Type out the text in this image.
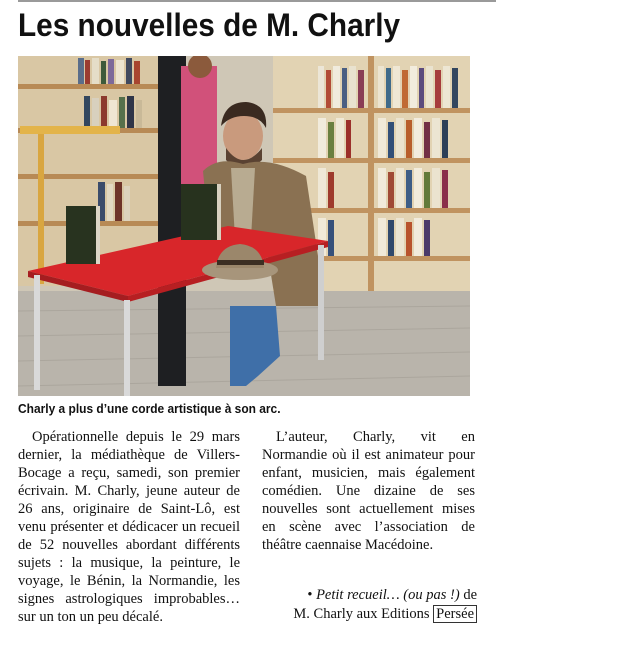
Les nouvelles de M. Charly
Charly a plus d’une corde artistique à son arc.

Opérationnelle depuis le 29 mars dernier, la médiathèque de Villers-Bocage a reçu, samedi, son premier écrivain. M. Charly, jeune auteur de 26 ans, originaire de Saint-Lô, est venu présenter et dédicacer un recueil de 52 nouvelles abordant différents sujets : la musique, la peinture, le voyage, le Bénin, la Normandie, les signes astrologiques improbables… sur un ton un peu décalé.

L’auteur, Charly, vit en Normandie où il est animateur pour enfant, musicien, mais également comédien. Une dizaine de ses nouvelles sont actuellement mises en scène avec l’association de théâtre caennaise Macédoine.

• Petit recueil… (ou pas !) de
M. Charly aux Editions Persée
